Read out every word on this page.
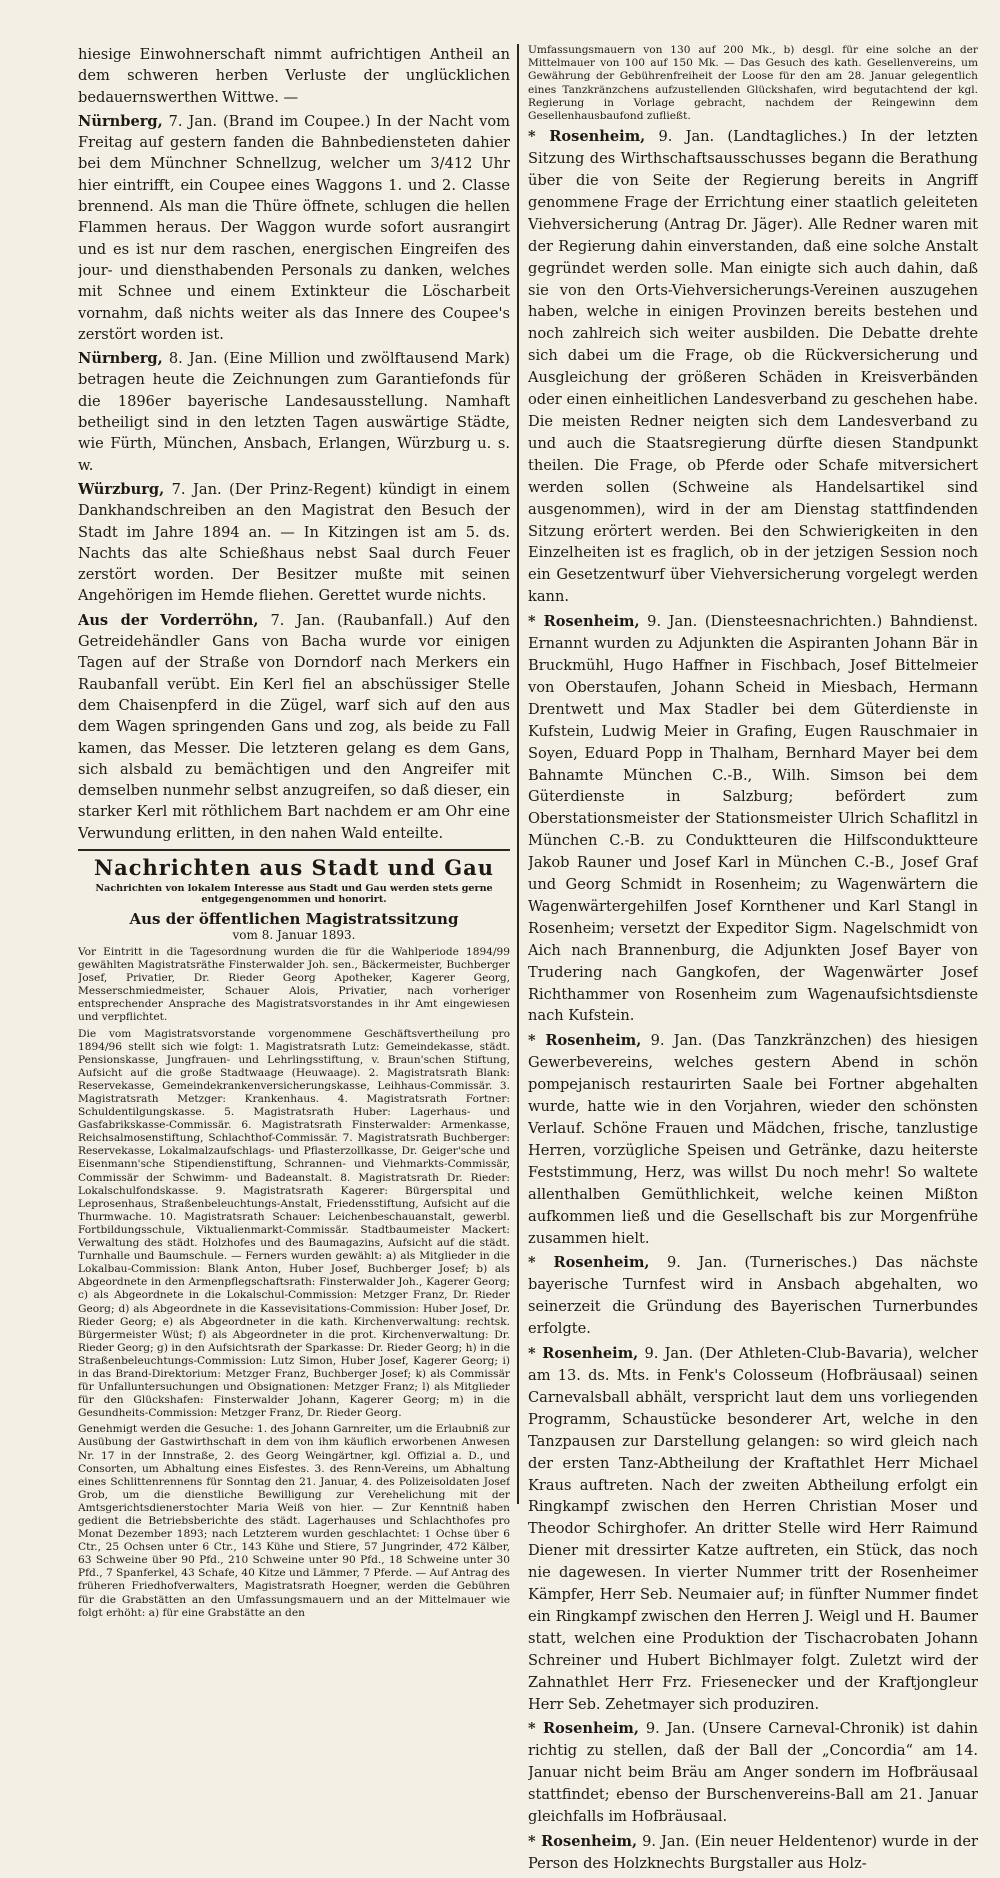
hiesige Einwohnerschaft nimmt aufrichtigen Antheil an dem schweren herben Verluste der unglücklichen bedauernswerthen Wittwe. —

Nürnberg, 7. Jan. (Brand im Coupee.) In der Nacht vom Freitag auf gestern fanden die Bahnbediensteten dahier bei dem Münchner Schnellzug, welcher um 3/412 Uhr hier eintrifft, ein Coupee eines Waggons 1. und 2. Classe brennend. Als man die Thüre öffnete, schlugen die hellen Flammen heraus. Der Waggon wurde sofort ausrangirt und es ist nur dem raschen, energischen Eingreifen des jour- und diensthabenden Personals zu danken, welches mit Schnee und einem Extinkteur die Löscharbeit vornahm, daß nichts weiter als das Innere des Coupee's zerstört worden ist.

Nürnberg, 8. Jan. (Eine Million und zwölftausend Mark) betragen heute die Zeichnungen zum Garantiefonds für die 1896er bayerische Landesausstellung. Namhaft betheiligt sind in den letzten Tagen auswärtige Städte, wie Fürth, München, Ansbach, Erlangen, Würzburg u. s. w.

Würzburg, 7. Jan. (Der Prinz-Regent) kündigt in einem Dankhandschreiben an den Magistrat den Besuch der Stadt im Jahre 1894 an. — In Kitzingen ist am 5. ds. Nachts das alte Schießhaus nebst Saal durch Feuer zerstört worden. Der Besitzer mußte mit seinen Angehörigen im Hemde fliehen. Gerettet wurde nichts.

Aus der Vorderröhn, 7. Jan. (Raubanfall.) Auf den Getreidehändler Gans von Bacha wurde vor einigen Tagen auf der Straße von Dorndorf nach Merkers ein Raubanfall verübt. Ein Kerl fiel an abschüssiger Stelle dem Chaisenpferd in die Zügel, warf sich auf den aus dem Wagen springenden Gans und zog, als beide zu Fall kamen, das Messer. Die letzteren gelang es dem Gans, sich alsbald zu bemächtigen und den Angreifer mit demselben nunmehr selbst anzugreifen, so daß dieser, ein starker Kerl mit röthlichem Bart nachdem er am Ohr eine Verwundung erlitten, in den nahen Wald enteilte.

Nachrichten aus Stadt und Gau
Nachrichten von lokalem Interesse aus Stadt und Gau werden stets gerne entgegengenommen und honorirt.
Aus der öffentlichen Magistratssitzung
vom 8. Januar 1893.

Vor Eintritt in die Tagesordnung wurden die für die Wahlperiode 1894/99 gewählten Magistratsräthe Finsterwalder Joh. sen., Bäckermeister, Buchberger Josef, Privatier, Dr. Rieder Georg Apotheker, Kagerer Georg, Messerschmiedmeister, Schauer Alois, Privatier, nach vorheriger entsprechender Ansprache des Magistratsvorstandes in ihr Amt eingewiesen und verpflichtet.

Die vom Magistratsvorstande vorgenommene Geschäftsvertheilung pro 1894/96 stellt sich wie folgt: 1. Magistratsrath Lutz: Gemeindekasse, städt. Pensionskasse, Jungfrauen- und Lehrlingsstiftung, v. Braun'schen Stiftung, Aufsicht auf die große Stadtwaage (Heuwaage). 2. Magistratsrath Blank: Reservekasse, Gemeindekrankenversicherungskasse, Leihhaus-Commissär. 3. Magistratsrath Metzger: Krankenhaus. 4. Magistratsrath Fortner: Schuldentilgungskasse. 5. Magistratsrath Huber: Lagerhaus- und Gasfabrikskasse-Commissär. 6. Magistratsrath Finsterwalder: Armenkasse, Reichsalmosenstiftung, Schlachthof-Commissär. 7. Magistratsrath Buchberger: Reservekasse, Lokalmalzaufschlags- und Pflasterzollkasse, Dr. Geiger'sche und Eisenmann'sche Stipendienstiftung, Schrannen- und Viehmarkts-Commissär, Commissär der Schwimm- und Badeanstalt. 8. Magistratsrath Dr. Rieder: Lokalschulfondskasse. 9. Magistratsrath Kagerer: Bürgerspital und Leprosenhaus, Straßenbeleuchtungs-Anstalt, Friedensstiftung, Aufsicht auf die Thurmwache. 10. Magistratsrath Schauer: Leichenbeschauanstalt, gewerbl. Fortbildungsschule, Viktualienmarkt-Commissär. Stadtbaumeister Mackert: Verwaltung des städt. Holzhofes und des Baumagazins, Aufsicht auf die städt. Turnhalle und Baumschule. — Ferners wurden gewählt: a) als Mitglieder in die Lokalbau-Commission: Blank Anton, Huber Josef, Buchberger Josef; b) als Abgeordnete in den Armenpflegschaftsrath: Finsterwalder Joh., Kagerer Georg; c) als Abgeordnete in die Lokalschul-Commission: Metzger Franz, Dr. Rieder Georg; d) als Abgeordnete in die Kassevisitations-Commission: Huber Josef, Dr. Rieder Georg; e) als Abgeordneter in die kath. Kirchenverwaltung: rechtsk. Bürgermeister Wüst; f) als Abgeordneter in die prot. Kirchenverwaltung: Dr. Rieder Georg; g) in den Aufsichtsrath der Sparkasse: Dr. Rieder Georg; h) in die Straßenbeleuchtungs-Commission: Lutz Simon, Huber Josef, Kagerer Georg; i) in das Brand-Direktorium: Metzger Franz, Buchberger Josef; k) als Commissär für Unfalluntersuchungen und Obsignationen: Metzger Franz; l) als Mitglieder für den Glückshafen: Finsterwalder Johann, Kagerer Georg; m) in die Gesundheits-Commission: Metzger Franz, Dr. Rieder Georg.

Genehmigt werden die Gesuche: 1. des Johann Garnreiter, um die Erlaubniß zur Ausübung der Gastwirthschaft in dem von ihm käuflich erworbenen Anwesen Nr. 17 in der Innstraße, 2. des Georg Weingärtner, kgl. Offizial a. D., und Consorten, um Abhaltung eines Eisfestes. 3. des Renn-Vereins, um Abhaltung eines Schlittenrennens für Sonntag den 21. Januar, 4. des Polizeisoldaten Josef Grob, um die dienstliche Bewilligung zur Verehelichung mit der Amtsgerichtsdienerstochter Maria Weiß von hier. — Zur Kenntniß haben gedient die Betriebsberichte des städt. Lagerhauses und Schlachthofes pro Monat Dezember 1893; nach Letzterem wurden geschlachtet: 1 Ochse über 6 Ctr., 25 Ochsen unter 6 Ctr., 143 Kühe und Stiere, 57 Jungrinder, 472 Kälber, 63 Schweine über 90 Pfd., 210 Schweine unter 90 Pfd., 18 Schweine unter 30 Pfd., 7 Spanferkel, 43 Schafe, 40 Kitze und Lämmer, 7 Pferde. — Auf Antrag des früheren Friedhofverwalters, Magistratsrath Hoegner, werden die Gebühren für die Grabstätten an den Umfassungsmauern und an der Mittelmauer wie folgt erhöht: a) für eine Grabstätte an den

Umfassungsmauern von 130 auf 200 Mk., b) desgl. für eine solche an der Mittelmauer von 100 auf 150 Mk. — Das Gesuch des kath. Gesellenvereins, um Gewährung der Gebührenfreiheit der Loose für den am 28. Januar gelegentlich eines Tanzkränzchens aufzustellenden Glückshafen, wird begutachtend der kgl. Regierung in Vorlage gebracht, nachdem der Reingewinn dem Gesellenhausbaufond zufließt.

* Rosenheim, 9. Jan. (Landtagliches.) In der letzten Sitzung des Wirthschaftsausschusses begann die Berathung über die von Seite der Regierung bereits in Angriff genommene Frage der Errichtung einer staatlich geleiteten Viehversicherung (Antrag Dr. Jäger). Alle Redner waren mit der Regierung dahin einverstanden, daß eine solche Anstalt gegründet werden solle. Man einigte sich auch dahin, daß sie von den Orts-Viehversicherungs-Vereinen auszugehen haben, welche in einigen Provinzen bereits bestehen und noch zahlreich sich weiter ausbilden. Die Debatte drehte sich dabei um die Frage, ob die Rückversicherung und Ausgleichung der größeren Schäden in Kreisverbänden oder einen einheitlichen Landesverband zu geschehen habe. Die meisten Redner neigten sich dem Landesverband zu und auch die Staatsregierung dürfte diesen Standpunkt theilen. Die Frage, ob Pferde oder Schafe mitversichert werden sollen (Schweine als Handelsartikel sind ausgenommen), wird in der am Dienstag stattfindenden Sitzung erörtert werden. Bei den Schwierigkeiten in den Einzelheiten ist es fraglich, ob in der jetzigen Session noch ein Gesetzentwurf über Viehversicherung vorgelegt werden kann.

* Rosenheim, 9. Jan. (Diensteesnachrichten.) Bahndienst. Ernannt wurden zu Adjunkten die Aspiranten Johann Bär in Bruckmühl, Hugo Haffner in Fischbach, Josef Bittelmeier von Oberstaufen, Johann Scheid in Miesbach, Hermann Drentwett und Max Stadler bei dem Güterdienste in Kufstein, Ludwig Meier in Grafing, Eugen Rauschmaier in Soyen, Eduard Popp in Thalham, Bernhard Mayer bei dem Bahnamte München C.-B., Wilh. Simson bei dem Güterdienste in Salzburg; befördert zum Oberstationsmeister der Stationsmeister Ulrich Schaflitzl in München C.-B. zu Conduktteuren die Hilfsconduktteure Jakob Rauner und Josef Karl in München C.-B., Josef Graf und Georg Schmidt in Rosenheim; zu Wagenwärtern die Wagenwärtergehilfen Josef Kornthener und Karl Stangl in Rosenheim; versetzt der Expeditor Sigm. Nagelschmidt von Aich nach Brannenburg, die Adjunkten Josef Bayer von Trudering nach Gangkofen, der Wagenwärter Josef Richthammer von Rosenheim zum Wagenaufsichtsdienste nach Kufstein.

* Rosenheim, 9. Jan. (Das Tanzkränzchen) des hiesigen Gewerbevereins, welches gestern Abend in schön pompejanisch restaurirten Saale bei Fortner abgehalten wurde, hatte wie in den Vorjahren, wieder den schönsten Verlauf. Schöne Frauen und Mädchen, frische, tanzlustige Herren, vorzügliche Speisen und Getränke, dazu heiterste Feststimmung, Herz, was willst Du noch mehr! So waltete allenthalben Gemüthlichkeit, welche keinen Mißton aufkommen ließ und die Gesellschaft bis zur Morgenfrühe zusammen hielt.

* Rosenheim, 9. Jan. (Turnerisches.) Das nächste bayerische Turnfest wird in Ansbach abgehalten, wo seinerzeit die Gründung des Bayerischen Turnerbundes erfolgte.

* Rosenheim, 9. Jan. (Der Athleten-Club-Bavaria), welcher am 13. ds. Mts. in Fenk's Colosseum (Hofbräusaal) seinen Carnevalsball abhält, verspricht laut dem uns vorliegenden Programm, Schaustücke besonderer Art, welche in den Tanzpausen zur Darstellung gelangen: so wird gleich nach der ersten Tanz-Abtheilung der Kraftathlet Herr Michael Kraus auftreten. Nach der zweiten Abtheilung erfolgt ein Ringkampf zwischen den Herren Christian Moser und Theodor Schirghofer. An dritter Stelle wird Herr Raimund Diener mit dressirter Katze auftreten, ein Stück, das noch nie dagewesen. In vierter Nummer tritt der Rosenheimer Kämpfer, Herr Seb. Neumaier auf; in fünfter Nummer findet ein Ringkampf zwischen den Herren J. Weigl und H. Baumer statt, welchen eine Produktion der Tischacrobaten Johann Schreiner und Hubert Bichlmayer folgt. Zuletzt wird der Zahnathlet Herr Frz. Friesenecker und der Kraftjongleur Herr Seb. Zehetmayer sich produziren.

* Rosenheim, 9. Jan. (Unsere Carneval-Chronik) ist dahin richtig zu stellen, daß der Ball der „Concordia“ am 14. Januar nicht beim Bräu am Anger sondern im Hofbräusaal stattfindet; ebenso der Burschenvereins-Ball am 21. Januar gleichfalls im Hofbräusaal.

* Rosenheim, 9. Jan. (Ein neuer Heldentenor) wurde in der Person des Holzknechts Burgstaller aus Holz-
